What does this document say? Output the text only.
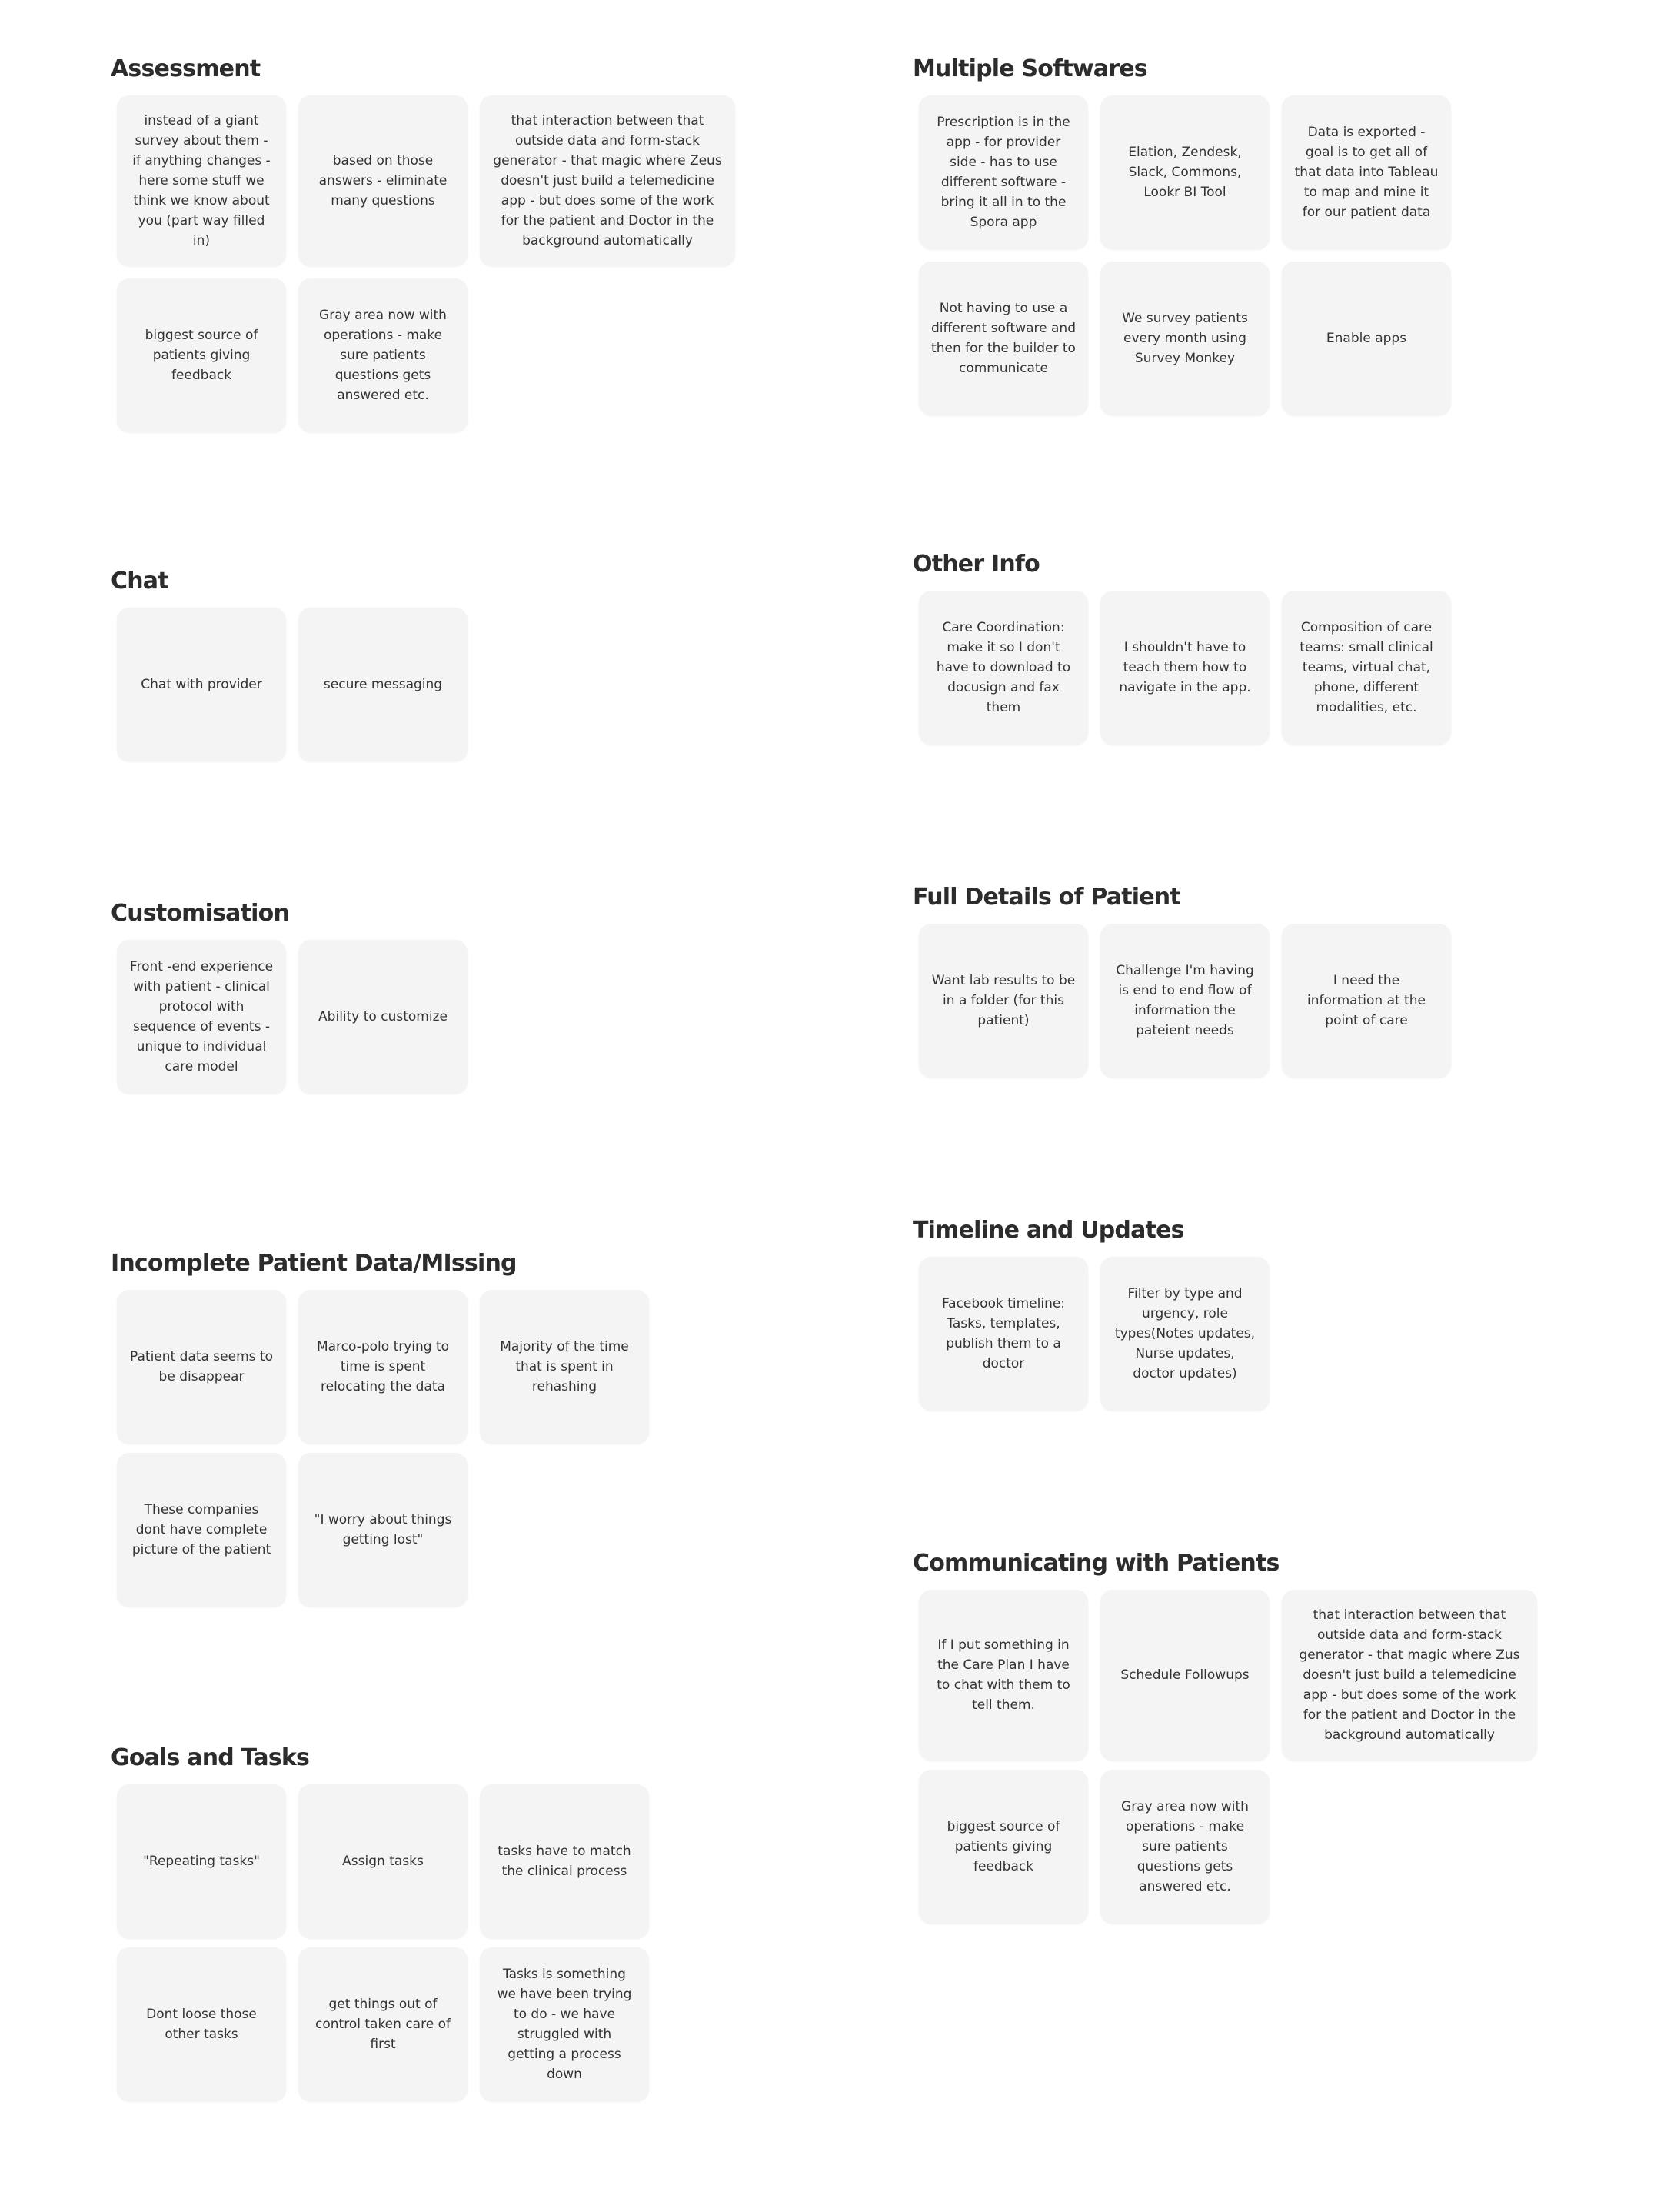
Assessment
instead of a giant survey about them - if anything changes - here some stuff we think we know about you (part way filled in)
based on those answers - eliminate many questions
that interaction between that outside data and form-stack generator - that magic where Zeus doesn't just build a telemedicine app - but does some of the work for the patient and Doctor in the background automatically
biggest source of patients giving feedback
Gray area now with operations - make sure patients questions gets answered etc.
Multiple Softwares
Prescription is in the app - for provider side - has to use different software - bring it all in to the Spora app
Elation, Zendesk, Slack, Commons, Lookr BI Tool
Data is exported - goal is to get all of that data into Tableau to map and mine it for our patient data
Not having to use a different software and then for the builder to communicate
We survey patients every month using Survey Monkey
Enable apps
Chat
Chat with provider	secure messaging
Other Info
Care Coordination: make it so I don't have to download to docusign and fax them
I shouldn't have to teach them how to navigate in the app.
Composition of care teams: small clinical teams, virtual chat, phone, different modalities, etc.
Customisation
Front -end experience with patient - clinical protocol with sequence of events - unique to individual care model
Ability to customize
Full Details of Patient
Want lab results to be in a folder (for this patient)
Challenge I'm having is end to end flow of information the pateient needs
I need the information at the point of care
Incomplete Patient Data/MIssing
Patient data seems to be disappear
Marco-polo trying to time is spent relocating the data
Majority of the time that is spent in rehashing
These companies dont have complete picture of the patient
"I worry about things getting lost"
Timeline and Updates
Facebook timeline: Tasks, templates, publish them to a doctor
Filter by type and urgency, role types(Notes updates, Nurse updates, doctor updates)
Goals and Tasks
"Repeating tasks"	Assign tasks
tasks have to match the clinical process
Dont loose those other tasks
get things out of control taken care of first
Tasks is something we have been trying to do - we have struggled with getting a process down
Communicating with Patients
If I put something in the Care Plan I have to chat with them to tell them.
Schedule Followups
that interaction between that outside data and form-stack generator - that magic where Zus doesn't just build a telemedicine app - but does some of the work for the patient and Doctor in the background automatically
biggest source of patients giving feedback
Gray area now with operations - make sure patients questions gets answered etc.
